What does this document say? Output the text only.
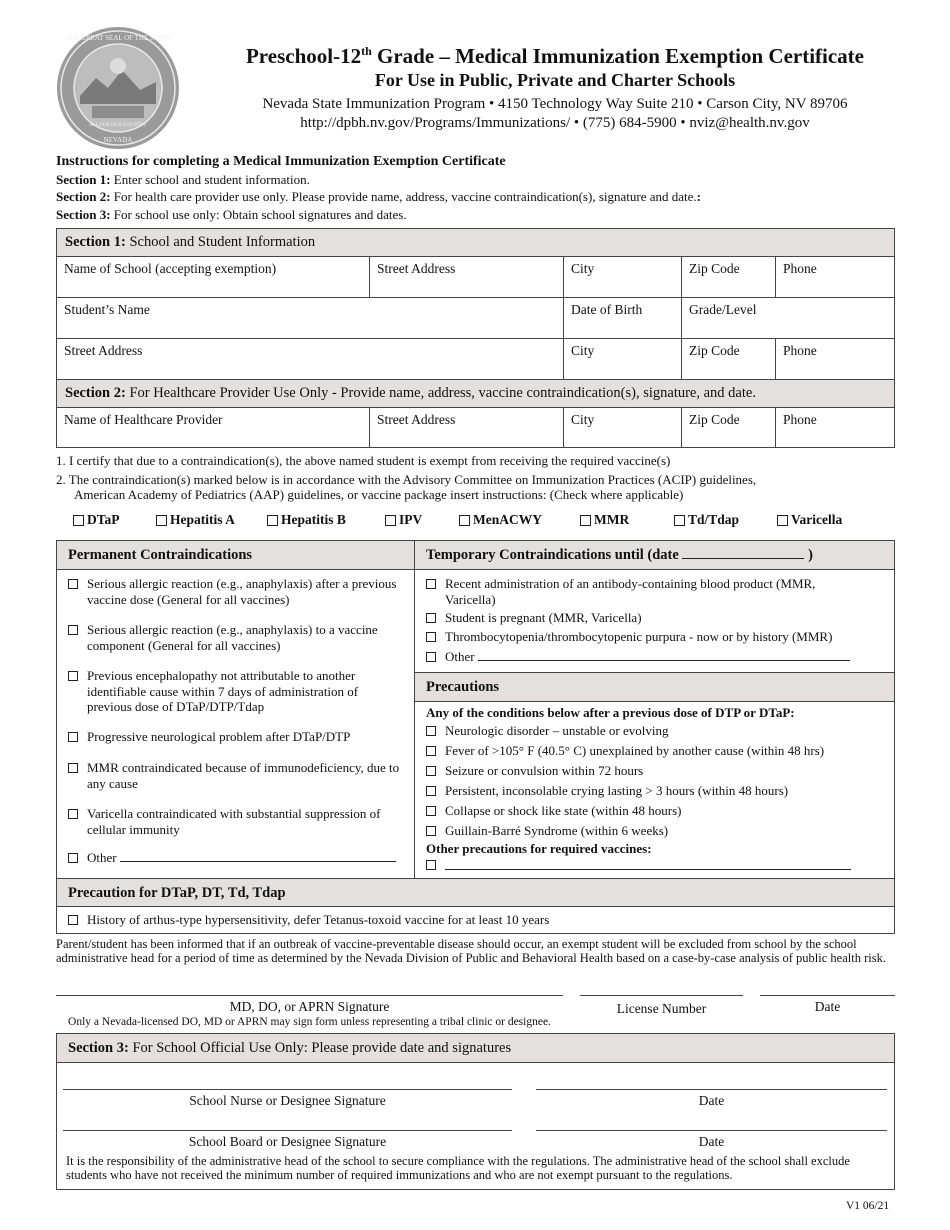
THE GREAT SEAL OF THE STATE
ALL FOR OUR COUNTRY
NEVADA
Preschool-12th Grade – Medical Immunization Exemption Certificate
For Use in Public, Private and Charter Schools
Nevada State Immunization Program • 4150 Technology Way Suite 210 • Carson City, NV 89706
http://dpbh.nv.gov/Programs/Immunizations/ • (775) 684-5900 • nviz@health.nv.gov
Instructions for completing a Medical Immunization Exemption Certificate
Section 1: Enter school and student information.
Section 2: For health care provider use only. Please provide name, address, vaccine contraindication(s), signature and date.:
Section 3: For school use only: Obtain school signatures and dates.
Section 1: School and Student Information
Name of School (accepting exemption)	Street Address	City	Zip Code	Phone
Student’s Name	Date of Birth	Grade/Level
Street Address	City	Zip Code	Phone
Section 2: For Healthcare Provider Use Only - Provide name, address, vaccine contraindication(s), signature, and date.
Name of Healthcare Provider	Street Address	City	Zip Code	Phone
1. I certify that due to a contraindication(s), the above named student is exempt from receiving the required vaccine(s)
2. The contraindication(s) marked below is in accordance with the Advisory Committee on Immunization Practices (ACIP) guidelines,
American Academy of Pediatrics (AAP) guidelines, or vaccine package insert instructions: (Check where applicable)
DTaP	Hepatitis A	Hepatitis B	IPV	MenACWY	MMR	Td/Tdap	Varicella
Permanent Contraindications
Serious allergic reaction (e.g., anaphylaxis) after a previous vaccine dose (General for all vaccines)
Serious allergic reaction (e.g., anaphylaxis) to a vaccine component (General for all vaccines)
Previous encephalopathy not attributable to another identifiable cause within 7 days of administration of previous dose of DTaP/DTP/Tdap
Progressive neurological problem after DTaP/DTP
MMR contraindicated because of immunodeficiency, due to any cause
Varicella contraindicated with substantial suppression of cellular immunity
Other
Temporary Contraindications until (date	)
Recent administration of an antibody-containing blood product (MMR, Varicella)
Student is pregnant (MMR, Varicella)
Thrombocytopenia/thrombocytopenic purpura - now or by history (MMR)
Other
Precautions
Any of the conditions below after a previous dose of DTP or DTaP:
Neurologic disorder – unstable or evolving
Fever of >105° F (40.5° C) unexplained by another cause (within 48 hrs)
Seizure or convulsion within 72 hours
Persistent, inconsolable crying lasting > 3 hours (within 48 hours)
Collapse or shock like state (within 48 hours)
Guillain-Barré Syndrome (within 6 weeks)
Other precautions for required vaccines:
Precaution for DTaP, DT, Td, Tdap
History of arthus-type hypersensitivity, defer Tetanus-toxoid vaccine for at least 10 years
Parent/student has been informed that if an outbreak of vaccine-preventable disease should occur, an exempt student will be excluded from school by the school administrative head for a period of time as determined by the Nevada Division of Public and Behavioral Health based on a case-by-case analysis of public health risk.
MD, DO, or APRN Signature
Only a Nevada-licensed DO, MD or APRN may sign form unless representing a tribal clinic or designee.
License Number	Date
Section 3: For School Official Use Only: Please provide date and signatures
School Nurse or Designee Signature	Date
School Board or Designee Signature	Date
It is the responsibility of the administrative head of the school to secure compliance with the regulations. The administrative head of the school shall exclude students who have not received the minimum number of required immunizations and who are not exempt pursuant to the regulations.
V1 06/21
